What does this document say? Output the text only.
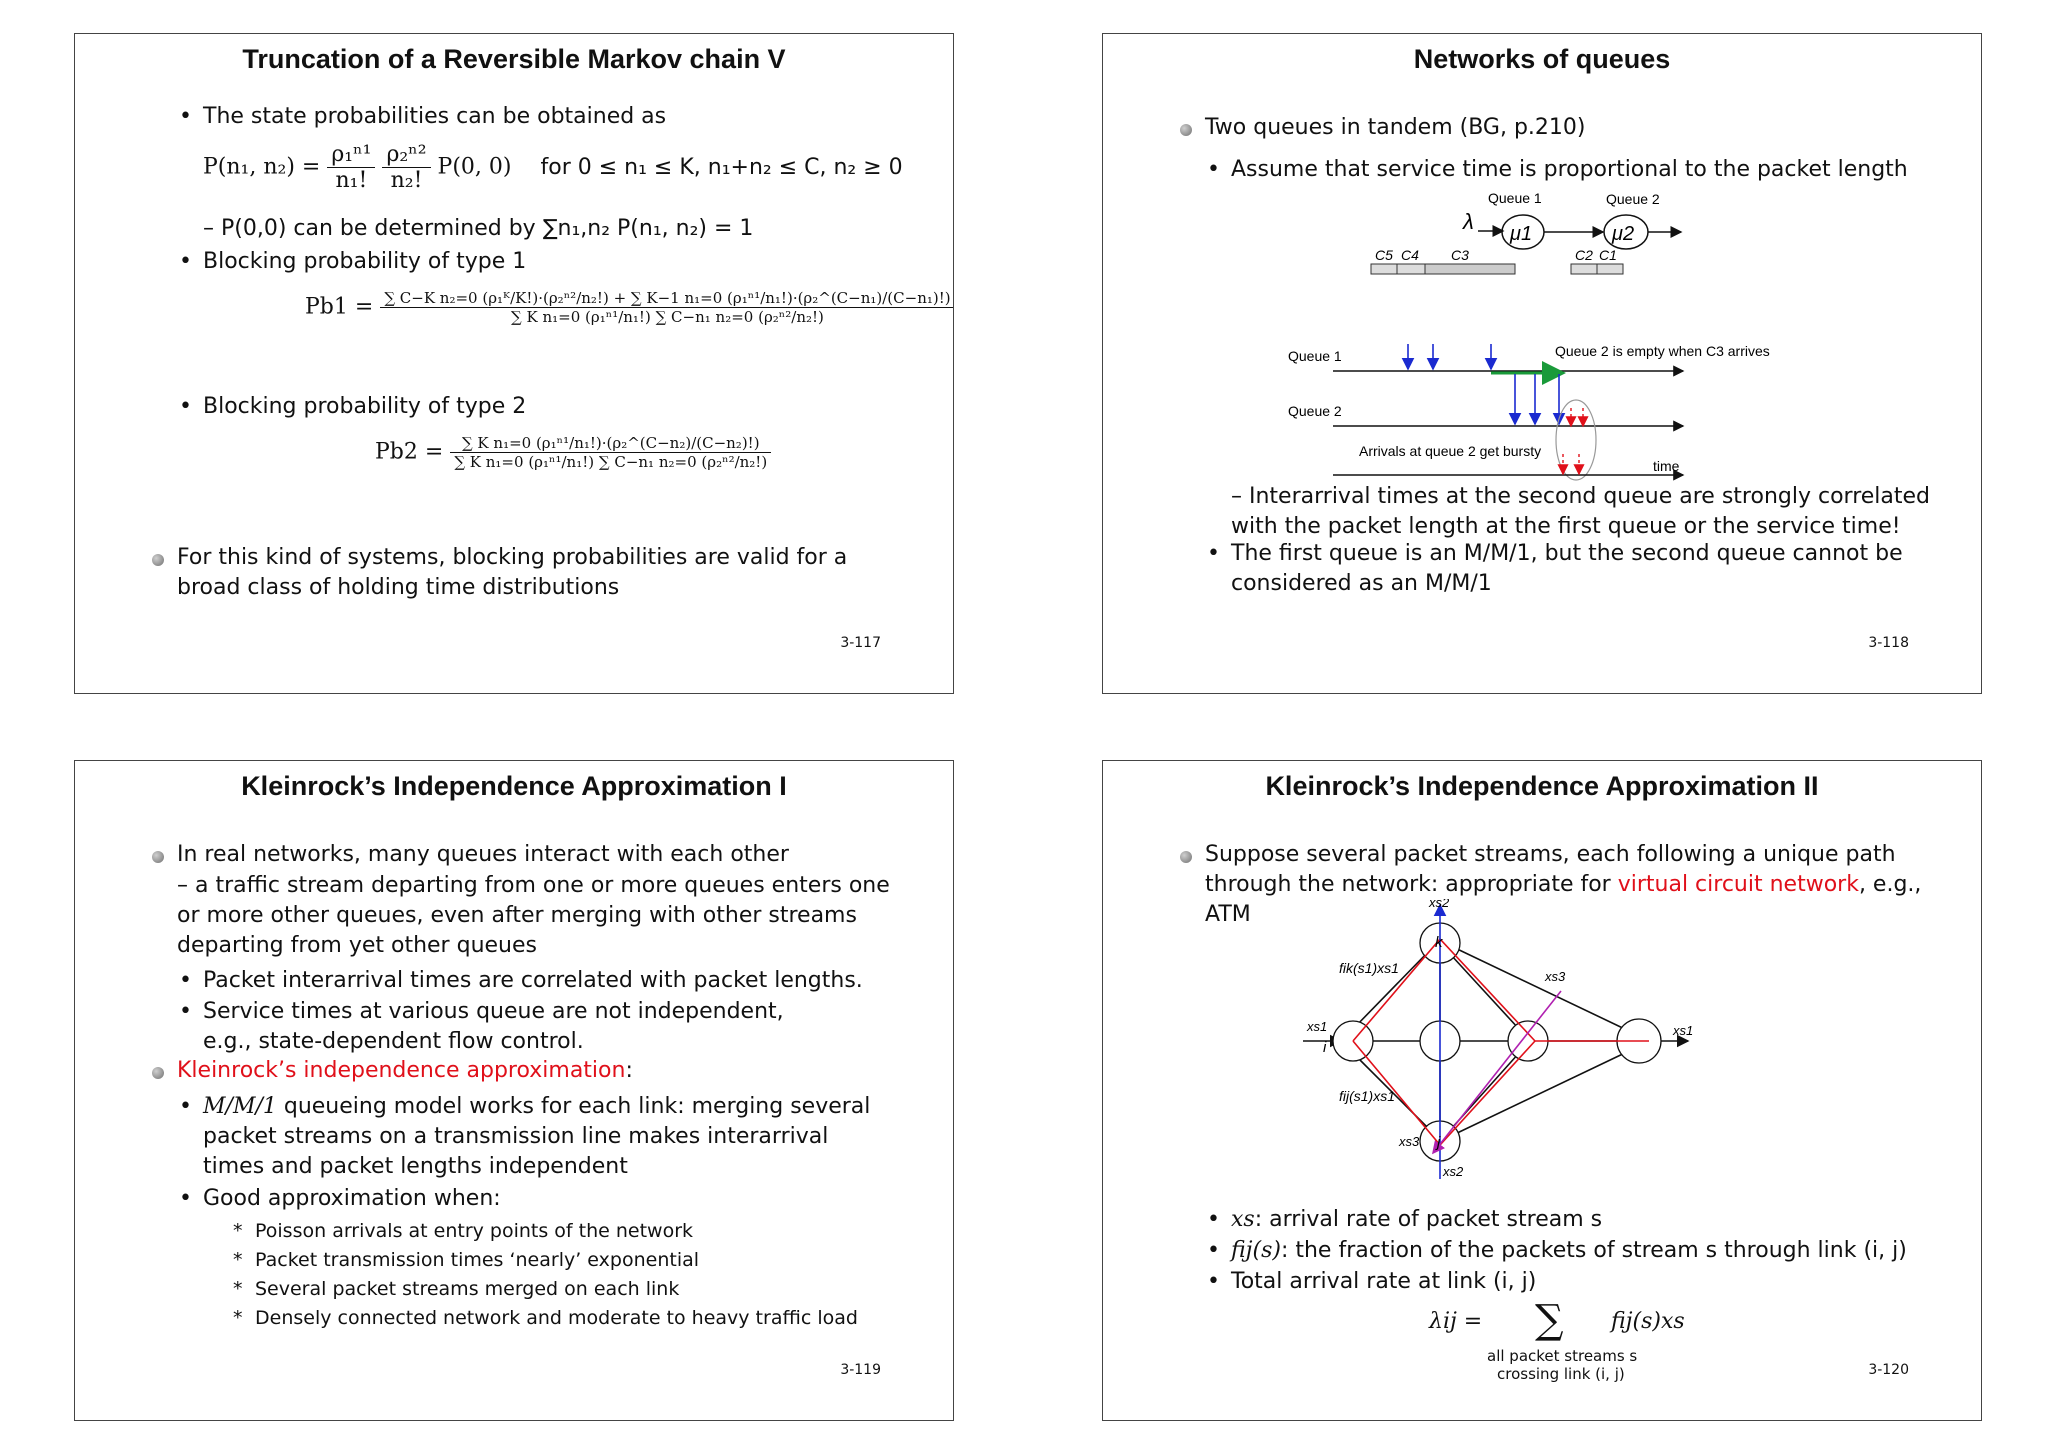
Truncation of a Reversible Markov chain V
• The state probabilities can be obtained as
P(n₁, $n_2) = \frac{\text{ρ₁ⁿ¹}}{\text{n₁!}}$
$\frac{\text{ρ₂ⁿ²}}{\text{n₂!}} P(0$, 0) for 0 ≤ n₁ ≤ K, n₁+n₂ ≤ C, n₂ ≥ 0
– P(0,0) can be determined by ∑n₁,n₂ P(n₁, n₂) = 1
• Blocking probability of type 1
Pb1 = ∑ C−K n₂=0 (ρ₁ᴷ/K!)·(ρ₂ⁿ²/n₂!) + ∑ K−1 n₁=0 (ρ₁ⁿ¹/n₁!)·(ρ₂^(C−n₁)/(C−n₁)!)
∑ K n₁=0 (ρ₁ⁿ¹/n₁!) ∑ C−n₁ n₂=0 (ρ₂ⁿ²/n₂!)
• Blocking probability of type 2
$Pb2 = \frac{\text{∑ K n₁=0 (ρ₁ⁿ¹/n₁!)·(ρ₂\textasciicircum{}(C−n₂)/(C−n₂)!)}}{\text{∑ K n₁=0 (ρ₁ⁿ¹/n₁!) ∑ C−n₁ n₂=0 (ρ₂ⁿ²/n₂!)}}$
For this kind of systems, blocking probabilities are valid for a broad class of holding time distributions
3-117
Networks of queues
Two queues in tandem (BG, p.210)
• Assume that service time is proportional to the packet length
Queue 1	Queue 2
λ μ1	μ2
C5 C4 C3	C2 C1
Queue 1	Queue 2 is empty when C3 arrives
Queue 2
Arrivals at queue 2 get bursty
time
– Interarrival times at the second queue are strongly correlated with the packet length at the first queue or the service time!
• The first queue is an M/M/1, but the second queue cannot be considered as an M/M/1
3-118
Kleinrock’s Independence Approximation I
In real networks, many queues interact with each other
– a traffic stream departing from one or more queues enters one or more other queues, even after merging with other streams departing from yet other queues
• Packet interarrival times are correlated with packet lengths.
• Service times at various queue are not independent, e.g., state-dependent flow control.
Kleinrock’s independence approximation:
• M/M/1 queueing model works for each link: merging several packet streams on a transmission line makes interarrival times and packet lengths independent
• Good approximation when:
* Poisson arrivals at entry points of the network
* Packet transmission times ‘nearly’ exponential
* Several packet streams merged on each link
* Densely connected network and moderate to heavy traffic load
3-119
Kleinrock’s Independence Approximation II
Suppose several packet streams, each following a unique path through the network: appropriate for virtual circuit network, e.g., ATM	xs2
xs1	xs1
xs3
xs3
xs2
fik(s1)xs1
fij(s1)xs1
i
j
k
• xs: arrival rate of packet stream s
• fij(s): the fraction of the packets of stream s through link (i, j)
• Total arrival rate at link (i, j)
λij = ∑ fij(s)xs
all packet streams s
crossing link (i, j)	3-120
